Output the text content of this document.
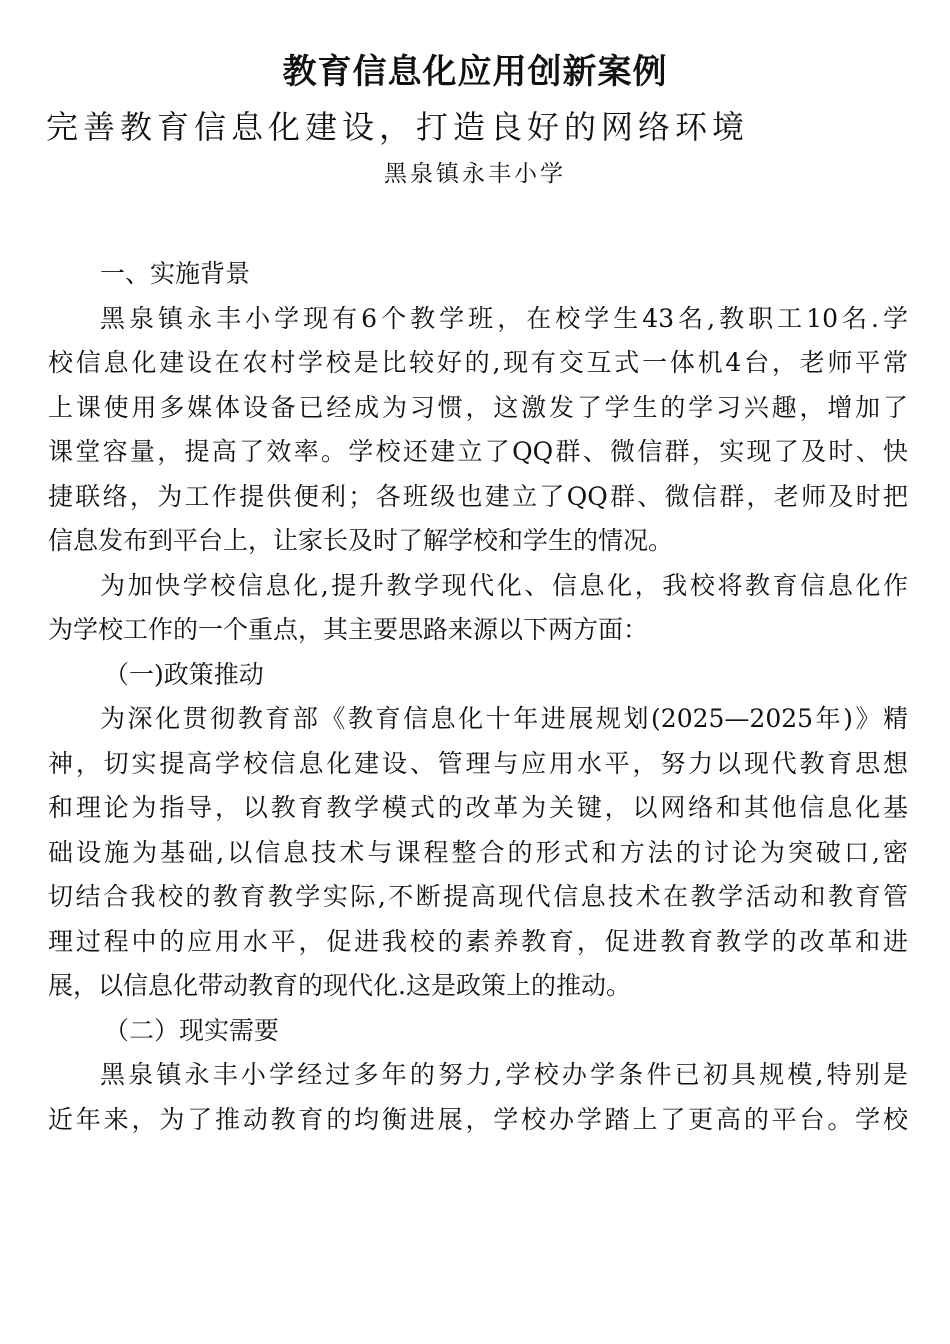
教育信息化应用创新案例
完善教育信息化建设，打造良好的网络环境
黑泉镇永丰小学
一、实施背景
黑泉镇永丰小学现有6个教学班，在校学生43名,教职工10名.学
校信息化建设在农村学校是比较好的,现有交互式一体机4台，老师平常
上课使用多媒体设备已经成为习惯，这激发了学生的学习兴趣，增加了
课堂容量，提高了效率。学校还建立了QQ群、微信群，实现了及时、快
捷联络，为工作提供便利；各班级也建立了QQ群、微信群，老师及时把
信息发布到平台上，让家长及时了解学校和学生的情况。
为加快学校信息化,提升教学现代化、信息化，我校将教育信息化作
为学校工作的一个重点，其主要思路来源以下两方面：
（一)政策推动
为深化贯彻教育部《教育信息化十年进展规划(2025—2025年)》精
神，切实提高学校信息化建设、管理与应用水平，努力以现代教育思想
和理论为指导，以教育教学模式的改革为关键，以网络和其他信息化基
础设施为基础,以信息技术与课程整合的形式和方法的讨论为突破口,密
切结合我校的教育教学实际,不断提高现代信息技术在教学活动和教育管
理过程中的应用水平，促进我校的素养教育，促进教育教学的改革和进
展，以信息化带动教育的现代化.这是政策上的推动。
（二）现实需要
黑泉镇永丰小学经过多年的努力,学校办学条件已初具规模,特别是
近年来，为了推动教育的均衡进展，学校办学踏上了更高的平台。学校
